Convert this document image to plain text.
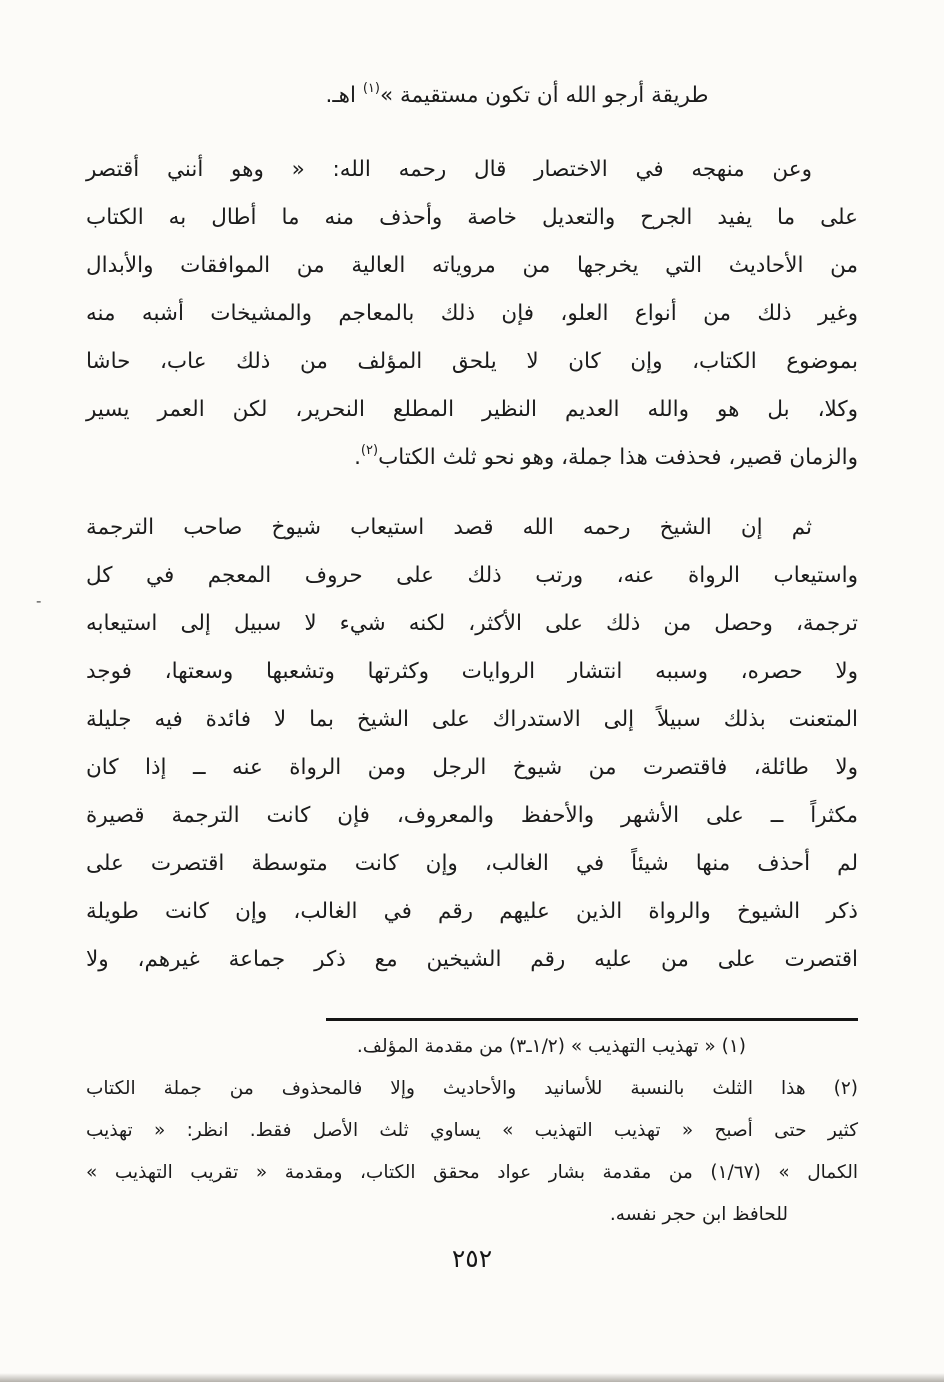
طريقة أرجو الله أن تكون مستقيمة »$^{(١)}$ اهـ.
وعن منهجه في الاختصار قال رحمه الله: « وهو أنني أقتصر
على ما يفيد الجرح والتعديل خاصة وأحذف منه ما أطال به الكتاب
من الأحاديث التي يخرجها من مروياته العالية من الموافقات والأبدال
وغير ذلك من أنواع العلو، فإن ذلك بالمعاجم والمشيخات أشبه منه
بموضوع الكتاب، وإن كان لا يلحق المؤلف من ذلك عاب، حاشا
وكلا، بل هو والله العديم النظير المطلع النحرير، لكن العمر يسير
والزمان قصير، فحذفت هذا جملة، وهو نحو ثلث الكتاب$^{(٢)}$.
ثم إن الشيخ رحمه الله قصد استيعاب شيوخ صاحب الترجمة
واستيعاب الرواة عنه، ورتب ذلك على حروف المعجم في كل
ترجمة، وحصل من ذلك على الأكثر، لكنه شيء لا سبيل إلى استيعابه
ولا حصره، وسببه انتشار الروايات وكثرتها وتشعبها وسعتها، فوجد
المتعنت بذلك سبيلاً إلى الاستدراك على الشيخ بما لا فائدة فيه جليلة
ولا طائلة، فاقتصرت من شيوخ الرجل ومن الرواة عنه ــ إذا كان
مكثراً ــ على الأشهر والأحفظ والمعروف، فإن كانت الترجمة قصيرة
لم أحذف منها شيئاً في الغالب، وإن كانت متوسطة اقتصرت على
ذكر الشيوخ والرواة الذين عليهم رقم في الغالب، وإن كانت طويلة
اقتصرت على من عليه رقم الشيخين مع ذكر جماعة غيرهم، ولا
(١) « تهذيب التهذيب » (١/٢ـ٣) من مقدمة المؤلف.
(٢) هذا الثلث بالنسبة للأسانيد والأحاديث وإلا فالمحذوف من جملة الكتاب
كثير حتى أصبح « تهذيب التهذيب » يساوي ثلث الأصل فقط. انظر: « تهذيب
الكمال » (١/٦٧) من مقدمة بشار عواد محقق الكتاب، ومقدمة « تقريب التهذيب »
للحافظ ابن حجر نفسه.
٢٥٢
-
